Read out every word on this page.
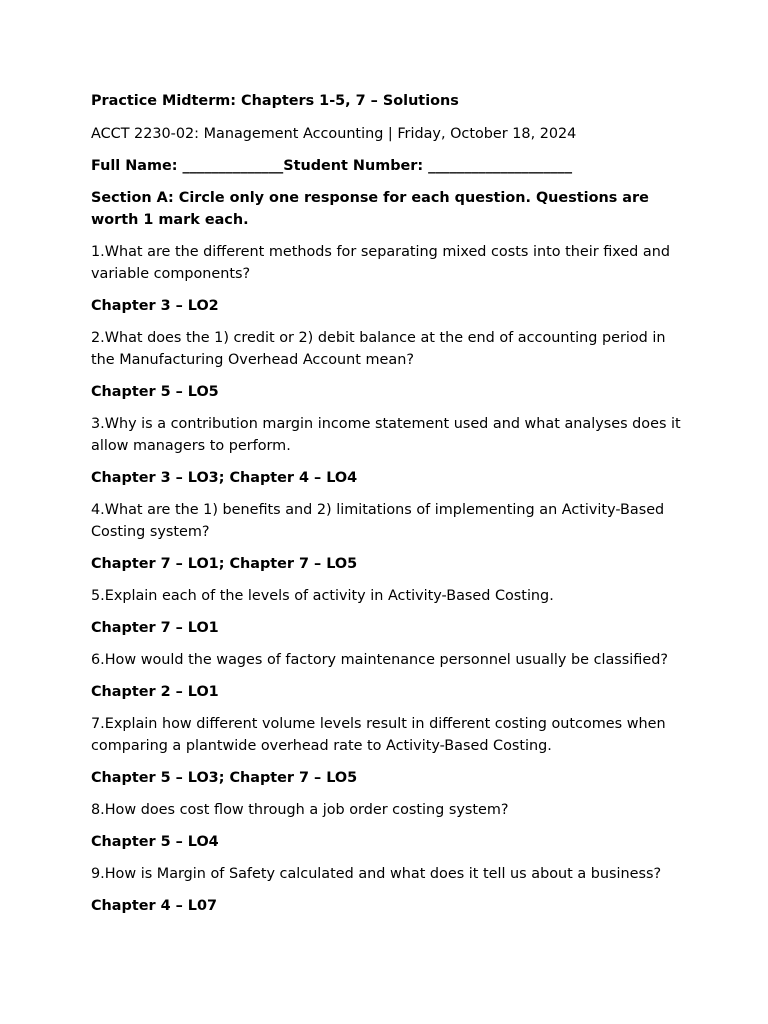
Practice Midterm: Chapters 1-5, 7 – Solutions
ACCT 2230-02: Management Accounting | Friday, October 18, 2024
Full Name: ______________Student Number: ____________________
Section A: Circle only one response for each question. Questions are worth 1 mark each.
1.What are the different methods for separating mixed costs into their fixed and variable components?
Chapter 3 – LO2
2.What does the 1) credit or 2) debit balance at the end of accounting period in the Manufacturing Overhead Account mean?
Chapter 5 – LO5
3.Why is a contribution margin income statement used and what analyses does it allow managers to perform.
Chapter 3 – LO3; Chapter 4 – LO4
4.What are the 1) benefits and 2) limitations of implementing an Activity-Based Costing system?
Chapter 7 – LO1; Chapter 7 – LO5
5.Explain each of the levels of activity in Activity-Based Costing.
Chapter 7 – LO1
6.How would the wages of factory maintenance personnel usually be classified?
Chapter 2 – LO1
7.Explain how different volume levels result in different costing outcomes when comparing a plantwide overhead rate to Activity-Based Costing.
Chapter 5 – LO3; Chapter 7 – LO5
8.How does cost flow through a job order costing system?
Chapter 5 – LO4
9.How is Margin of Safety calculated and what does it tell us about a business?
Chapter 4 – L07
